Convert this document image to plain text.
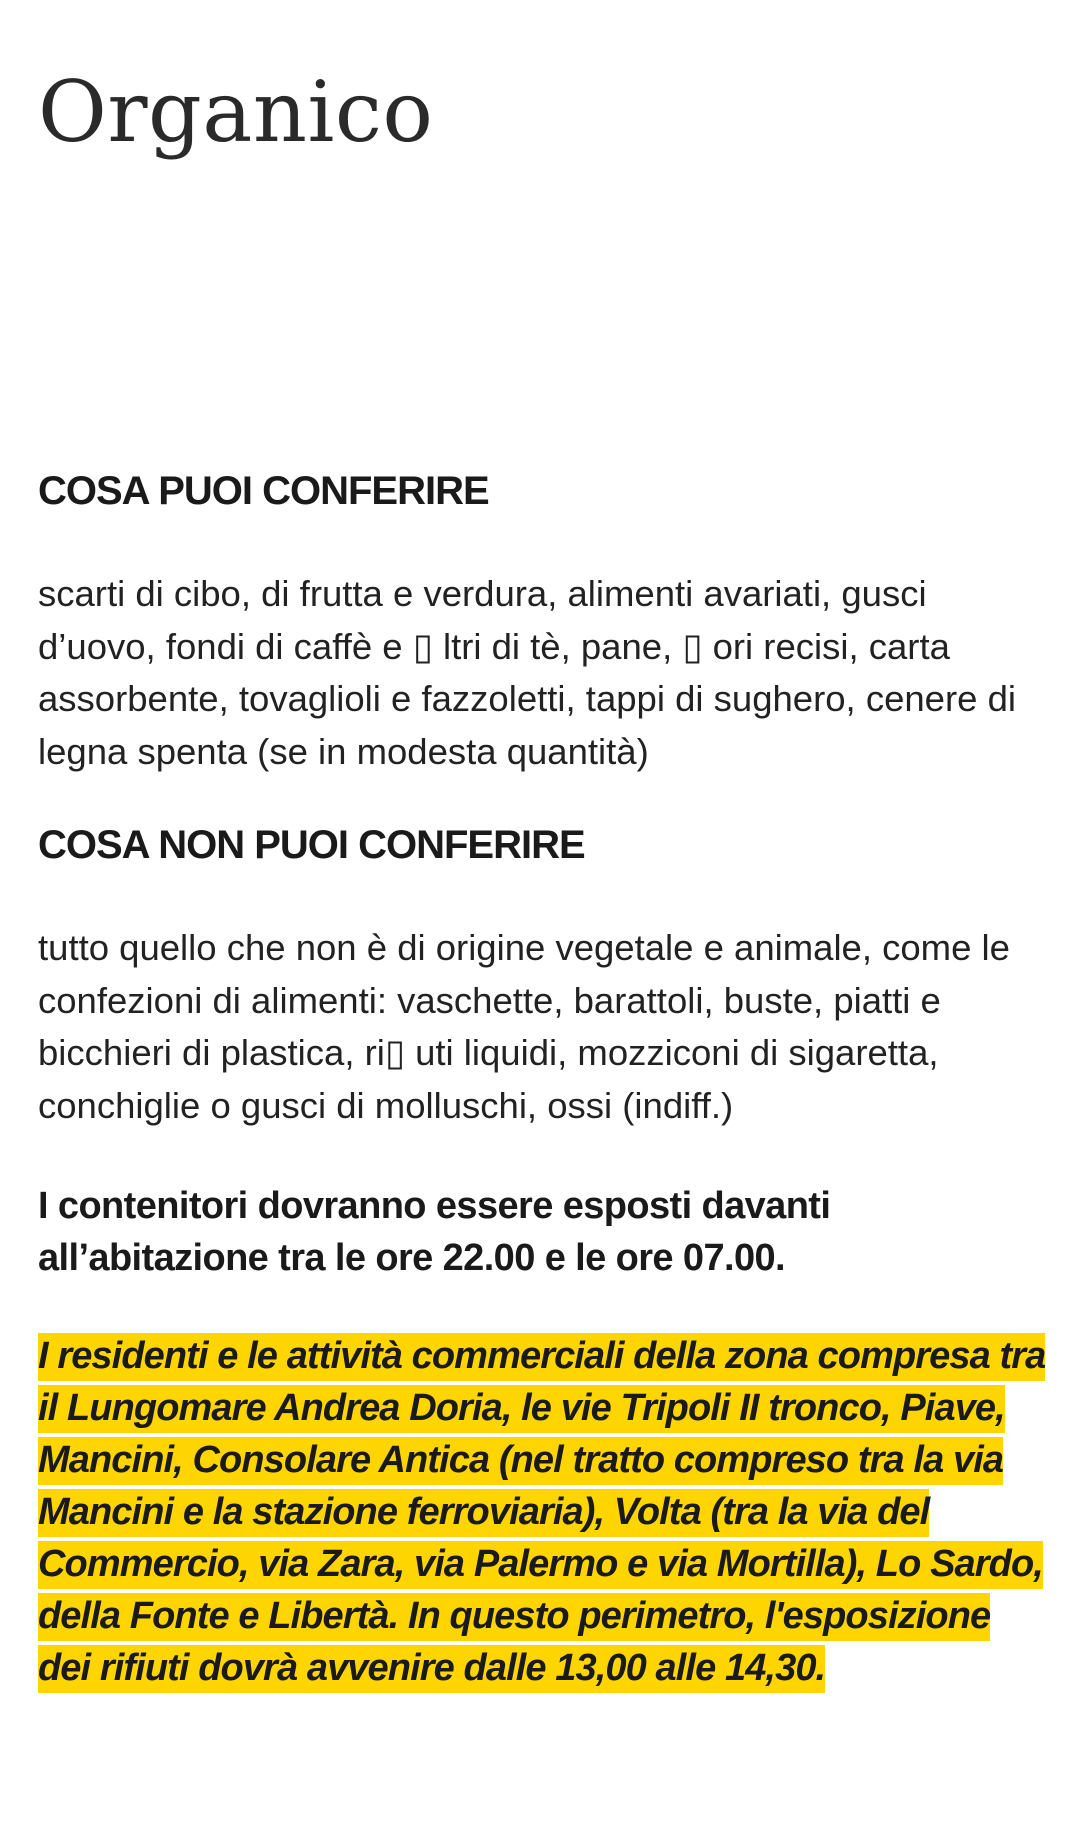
Organico
COSA PUOI CONFERIRE

scarti di cibo, di frutta e verdura, alimenti avariati, gusci d’uovo, fondi di caffè e ▯ ltri di tè, pane, ▯ ori recisi, carta assorbente, tovaglioli e fazzoletti, tappi di sughero, cenere di legna spenta (se in modesta quantità)

COSA NON PUOI CONFERIRE

tutto quello che non è di origine vegetale e animale, come le confezioni di alimenti: vaschette, barattoli, buste, piatti e bicchieri di plastica, ri▯ uti liquidi, mozziconi di sigaretta, conchiglie o gusci di molluschi, ossi (indiff.)

I contenitori dovranno essere esposti davanti all’abitazione tra le ore 22.00 e le ore 07.00.

I residenti e le attività commerciali della zona compresa tra il Lungomare Andrea Doria, le vie Tripoli II tronco, Piave, Mancini, Consolare Antica (nel tratto compreso tra la via Mancini e la stazione ferroviaria), Volta (tra la via del Commercio, via Zara, via Palermo e via Mortilla), Lo Sardo, della Fonte e Libertà. In questo perimetro, l'esposizione dei rifiuti dovrà avvenire dalle 13,00 alle 14,30.
